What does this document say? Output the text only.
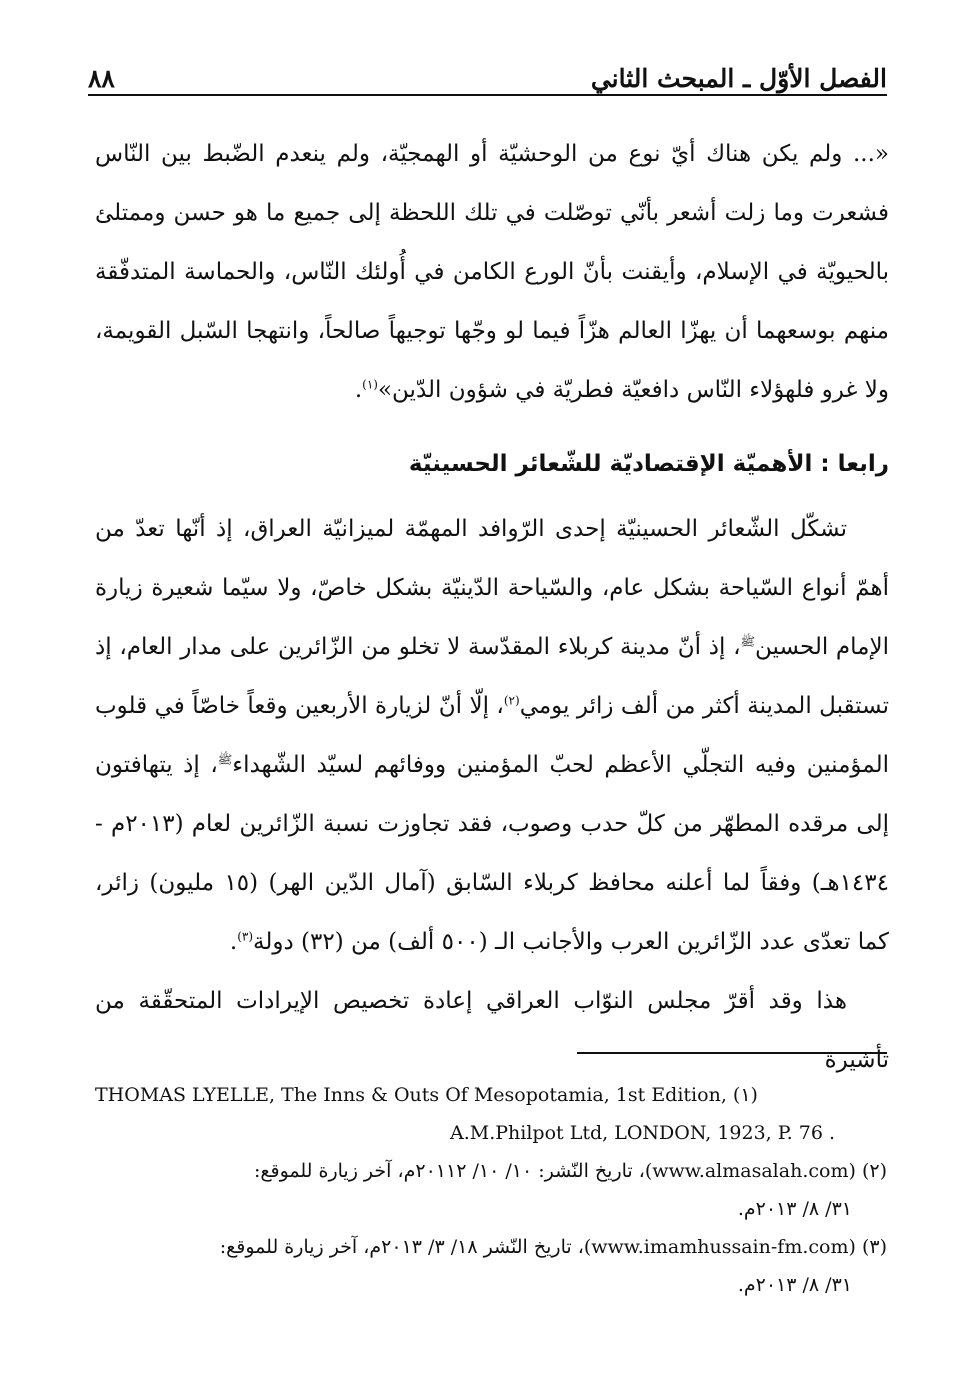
الفصل الأوّل ـ المبحث الثاني
٨٨

«... ولم يكن هناك أيّ نوع من الوحشيّة أو الهمجيّة، ولم ينعدم الضّبط بين النّاس فشعرت وما زلت أشعر بأنّي توصّلت في تلك اللحظة إلى جميع ما هو حسن وممتلئ بالحيويّة في الإسلام، وأيقنت بأنّ الورع الكامن في أُولئك النّاس، والحماسة المتدفّقة منهم بوسعهما أن يهزّا العالم هزّاً فيما لو وجّها توجيهاً صالحاً، وانتهجا السّبل القويمة، ولا غرو فلهؤلاء النّاس دافعيّة فطريّة في شؤون الدّين»$^{(١)}$.

رابعا : الأهميّة الإقتصاديّة للشّعائر الحسينيّة

تشكّل الشّعائر الحسينيّة إحدى الرّوافد المهمّة لميزانيّة العراق، إذ أنّها تعدّ من أهمّ أنواع السّياحة بشكل عام، والسّياحة الدّينيّة بشكل خاصّ، ولا سيّما شعيرة زيارة الإمام الحسين$^ﷺ$، إذ أنّ مدينة كربلاء المقدّسة لا تخلو من الزّائرين على مدار العام، إذ تستقبل المدينة أكثر من ألف زائر يومي$^{(٢)}$، إلّا أنّ لزيارة الأربعين وقعاً خاصّاً في قلوب المؤمنين وفيه التجلّي الأعظم لحبّ المؤمنين ووفائهم لسيّد الشّهداء$^ﷺ$، إذ يتهافتون إلى مرقده المطهّر من كلّ حدب وصوب، فقد تجاوزت نسبة الزّائرين لعام (٢٠١٣م - ١٤٣٤هـ) وفقاً لما أعلنه محافظ كربلاء السّابق (آمال الدّين الهر) (١٥ مليون) زائر، كما تعدّى عدد الزّائرين العرب والأجانب الـ (٥٠٠ ألف) من (٣٢) دولة$^{(٣)}$.

هذا وقد أقرّ مجلس النوّاب العراقي إعادة تخصيص الإيرادات المتحقّقة من تأشيرة

THOMAS LYELLE, The Inns & Outs Of Mesopotamia, 1st Edition, (١)
A.M.Philpot Ltd, LONDON, 1923, P. 76 .
(٢) (www.almasalah.com)، تاريخ النّشر: ١٠/ ١٠/ ٢٠١١٢م، آخر زيارة للموقع:
٣١/ ٨/ ٢٠١٣م.
(٣) (www.imamhussain-fm.com)، تاريخ النّشر ١٨/ ٣/ ٢٠١٣م، آخر زيارة للموقع:
٣١/ ٨/ ٢٠١٣م.
